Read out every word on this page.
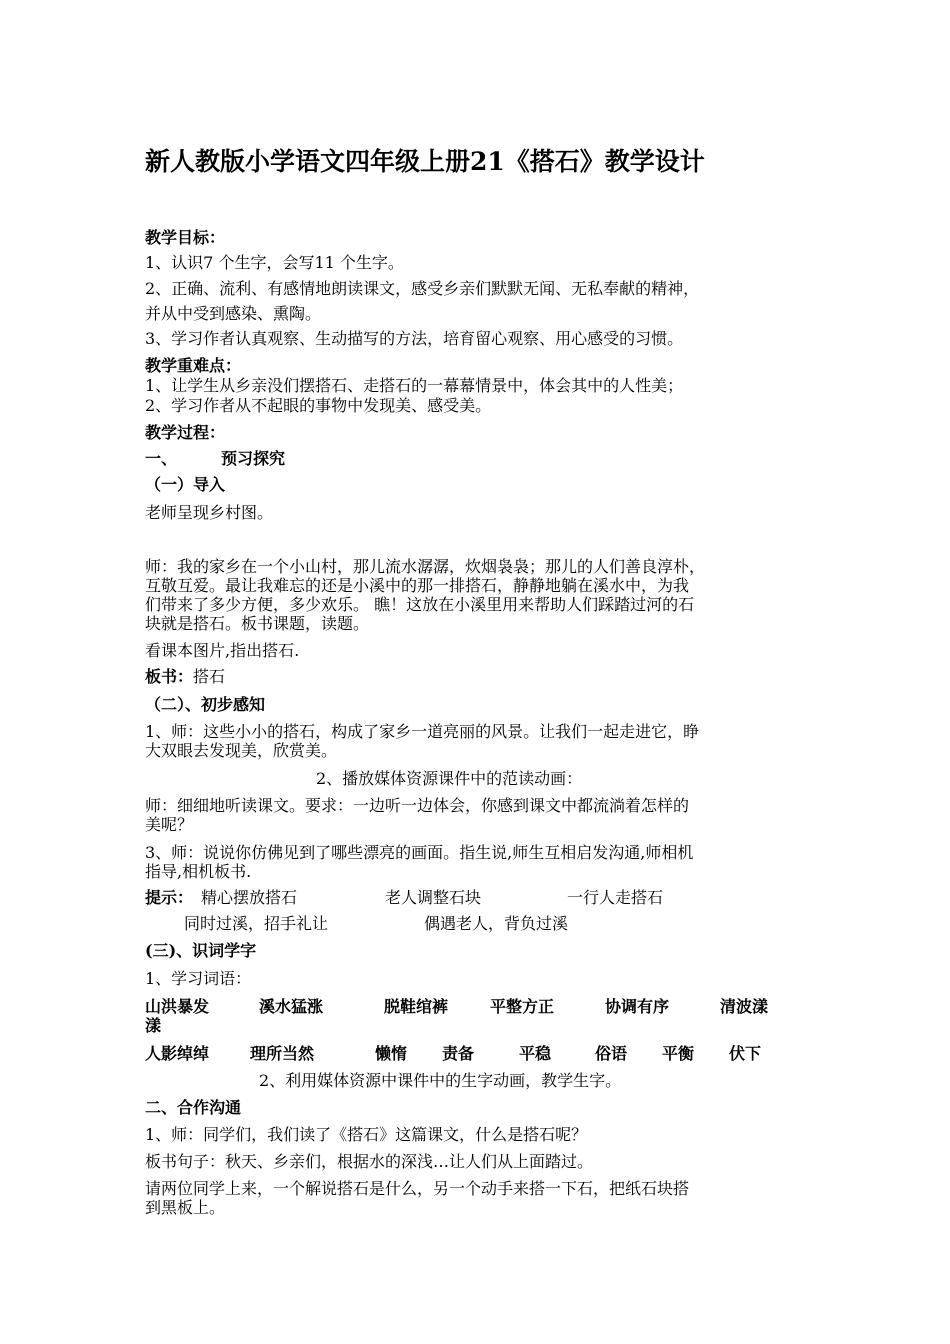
新人教版小学语文四年级上册21《搭石》教学设计
教学目标：
1、认识7 个生字，会写11 个生字。
2、正确、流利、有感情地朗读课文，感受乡亲们默默无闻、无私奉献的精神，
并从中受到感染、熏陶。
3、学习作者认真观察、生动描写的方法，培育留心观察、用心感受的习惯。
教学重难点：
1、让学生从乡亲没们摆搭石、走搭石的一幕幕情景中，体会其中的人性美；
2、学习作者从不起眼的事物中发现美、感受美。
教学过程：
一、	预习探究
（一）导入
老师呈现乡村图。
师：我的家乡在一个小山村，那儿流水潺潺，炊烟袅袅；那儿的人们善良淳朴，
互敬互爱。最让我难忘的还是小溪中的那一排搭石，静静地躺在溪水中，为我
们带来了多少方便，多少欢乐。 瞧！这放在小溪里用来帮助人们踩踏过河的石
块就是搭石。板书课题，读题。
看课本图片,指出搭石.
板书：搭石
（二）、初步感知
1、师：这些小小的搭石，构成了家乡一道亮丽的风景。让我们一起走进它，睁
大双眼去发现美，欣赏美。
2、播放媒体资源课件中的范读动画：
师：细细地听读课文。要求：一边听一边体会，你感到课文中都流淌着怎样的
美呢？
3、师：说说你仿佛见到了哪些漂亮的画面。指生说,师生互相启发沟通,师相机
指导,相机板书.
提示： 精心摆放搭石	老人调整石块	一行人走搭石
同时过溪，招手礼让	偶遇老人，背负过溪
(三)、识词学字
1、学习词语：
山洪暴发	溪水猛涨	脱鞋绾裤	平整方正	协调有序	清波漾
漾
人影绰绰	理所当然	懒惰 责备	平稳	俗语 平衡 伏下
2、利用媒体资源中课件中的生字动画，教学生字。
二、合作沟通
1、师：同学们，我们读了《搭石》这篇课文，什么是搭石呢？
板书句子：秋天、乡亲们，根据水的深浅…让人们从上面踏过。
请两位同学上来，一个解说搭石是什么，另一个动手来搭一下石，把纸石块搭
到黑板上。
